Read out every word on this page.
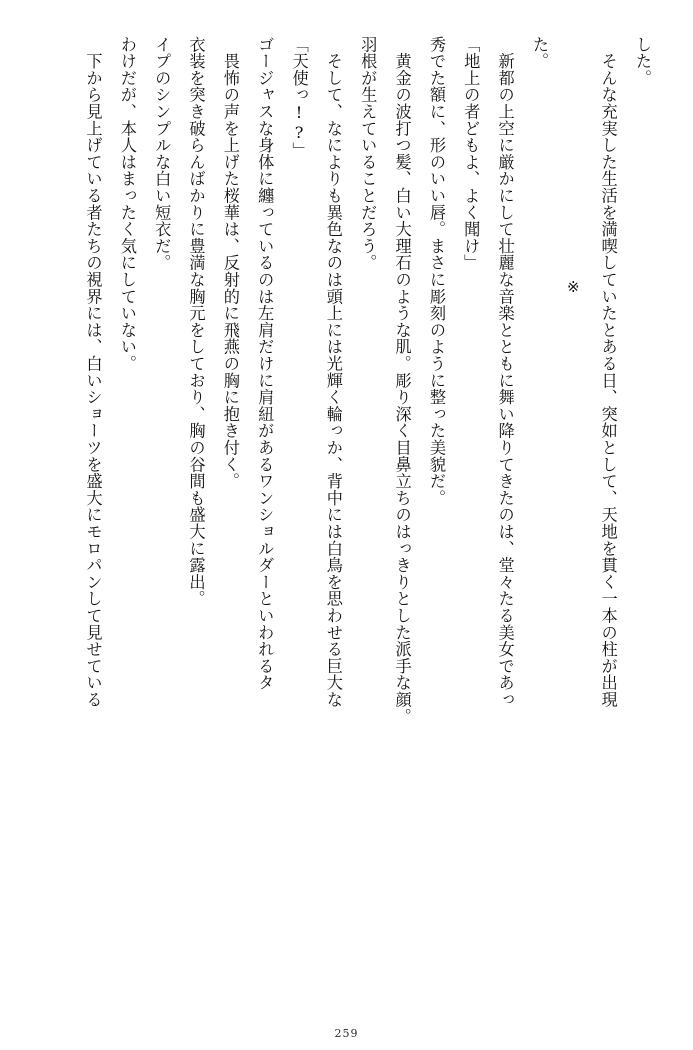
した。

　そんな充実した生活を満喫していたとある日、突如として、天地を貫く一本の柱が出現

※

た。

　新都の上空に厳かにして壮麗な音楽とともに舞い降りてきたのは、堂々たる美女であっ

「地上の者どもよ、よく聞け」

秀でた額に、形のいい唇。まさに彫刻のように整った美貌だ。

　黄金の波打つ髪、白い大理石のような肌。彫り深く目鼻立ちのはっきりとした派手な顔。

羽根が生えていることだろう。

　そして、なによりも異色なのは頭上には光輝く輪っか、背中には白鳥を思わせる巨大な

「天使っ!?」

ゴージャスな身体に纏っているのは左肩だけに肩紐があるワンショルダーといわれるタ

　畏怖の声を上げた桜華は、反射的に飛燕の胸に抱き付く。

衣装を突き破らんばかりに豊満な胸元をしており、胸の谷間も盛大に露出。

イプのシンプルな白い短衣だ。

わけだが、本人はまったく気にしていない。

　下から見上げている者たちの視界には、白いショーツを盛大にモロパンして見せている

259
